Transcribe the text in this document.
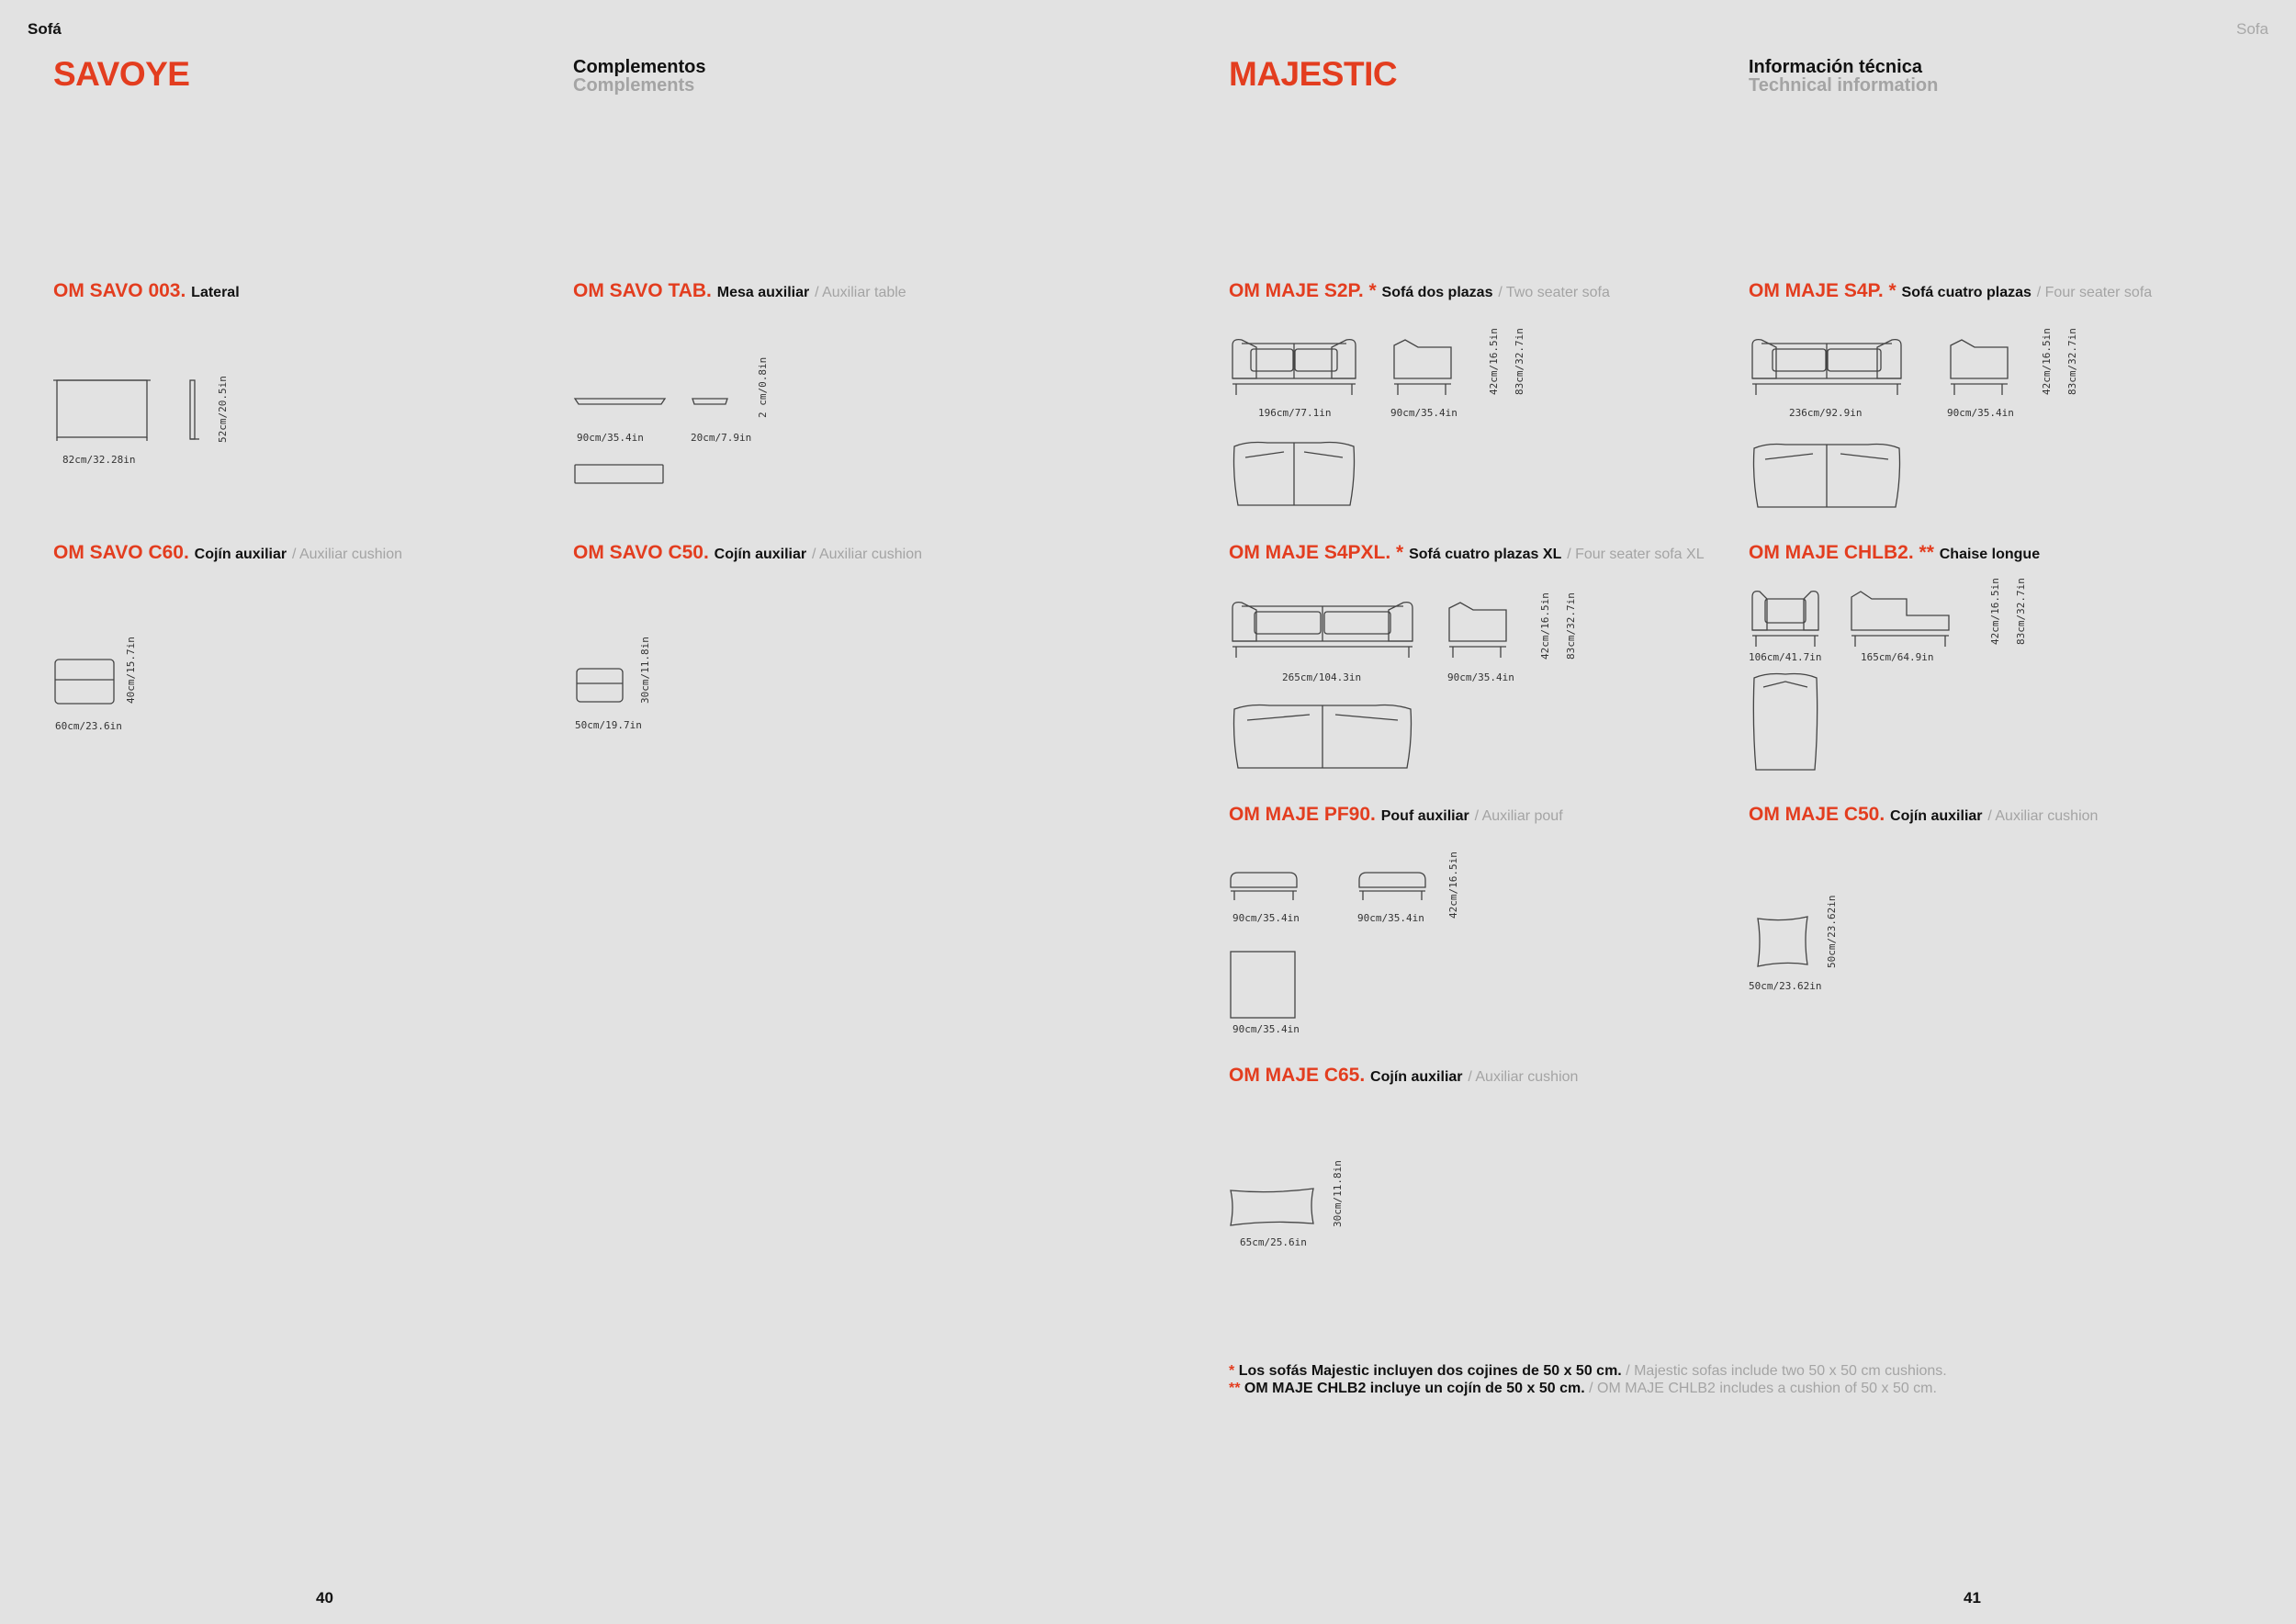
Sofá	Sofa
SAVOYE	Complementos
Complements
OM SAVO 003. Lateral
82cm/32.28in
52cm/20.5in
OM SAVO TAB. Mesa auxiliar / Auxiliar table
90cm/35.4in	20cm/7.9in
2 cm/0.8in
OM SAVO C60. Cojín auxiliar / Auxiliar cushion
60cm/23.6in
40cm/15.7in
OM SAVO C50. Cojín auxiliar / Auxiliar cushion
50cm/19.7in
30cm/11.8in
40
MAJESTIC	Información técnica
Technical information
OM MAJE S2P. * Sofá dos plazas / Two seater sofa
196cm/77.1in	90cm/35.4in
42cm/16.5in 83cm/32.7in
OM MAJE S4P. * Sofá cuatro plazas / Four seater sofa
236cm/92.9in	90cm/35.4in
42cm/16.5in 83cm/32.7in
OM MAJE S4PXL. * Sofá cuatro plazas XL / Four seater sofa XL
265cm/104.3in	90cm/35.4in
42cm/16.5in 83cm/32.7in
OM MAJE CHLB2. ** Chaise longue
106cm/41.7in	165cm/64.9in
42cm/16.5in 83cm/32.7in
OM MAJE PF90. Pouf auxiliar / Auxiliar pouf
90cm/35.4in	90cm/35.4in 42cm/16.5in
90cm/35.4in
OM MAJE C50. Cojín auxiliar / Auxiliar cushion
50cm/23.62in
50cm/23.62in
OM MAJE C65. Cojín auxiliar / Auxiliar cushion
65cm/25.6in
30cm/11.8in
* Los sofás Majestic incluyen dos cojines de 50 x 50 cm. / Majestic sofas include two 50 x 50 cm cushions.
** OM MAJE CHLB2 incluye un cojín de 50 x 50 cm. / OM MAJE CHLB2 includes a cushion of 50 x 50 cm.
41
